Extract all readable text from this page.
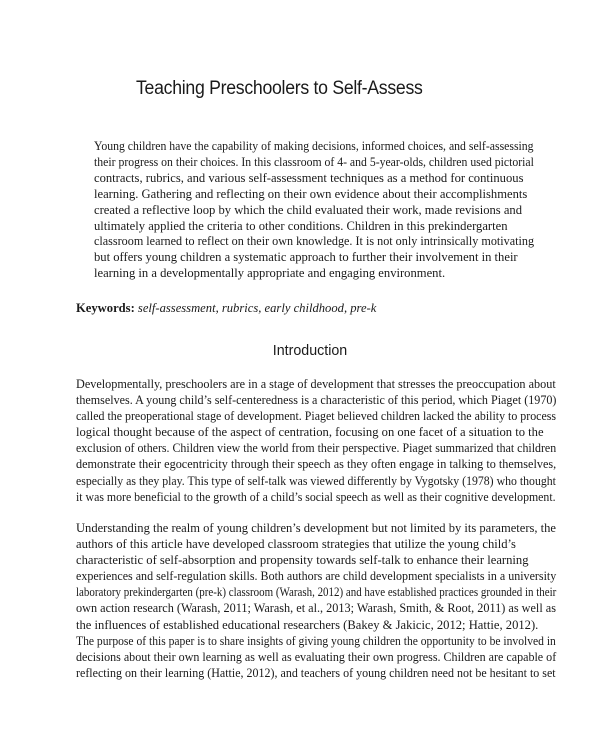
Teaching Preschoolers to Self-Assess
Young children have the capability of making decisions, informed choices, and self-assessing
their progress on their choices. In this classroom of 4- and 5-year-olds, children used pictorial
contracts, rubrics, and various self-assessment techniques as a method for continuous
learning. Gathering and reflecting on their own evidence about their accomplishments
created a reflective loop by which the child evaluated their work, made revisions and
ultimately applied the criteria to other conditions. Children in this prekindergarten
classroom learned to reflect on their own knowledge. It is not only intrinsically motivating
but offers young children a systematic approach to further their involvement in their
learning in a developmentally appropriate and engaging environment.
Keywords: self-assessment, rubrics, early childhood, pre-k
Introduction
Developmentally, preschoolers are in a stage of development that stresses the preoccupation about
themselves. A young child’s self-centeredness is a characteristic of this period, which Piaget (1970)
called the preoperational stage of development. Piaget believed children lacked the ability to process
logical thought because of the aspect of centration, focusing on one facet of a situation to the
exclusion of others. Children view the world from their perspective. Piaget summarized that children
demonstrate their egocentricity through their speech as they often engage in talking to themselves,
especially as they play. This type of self-talk was viewed differently by Vygotsky (1978) who thought
it was more beneficial to the growth of a child’s social speech as well as their cognitive development.
Understanding the realm of young children’s development but not limited by its parameters, the
authors of this article have developed classroom strategies that utilize the young child’s
characteristic of self-absorption and propensity towards self-talk to enhance their learning
experiences and self-regulation skills. Both authors are child development specialists in a university
laboratory prekindergarten (pre-k) classroom (Warash, 2012) and have established practices grounded in their
own action research (Warash, 2011; Warash, et al., 2013; Warash, Smith, & Root, 2011) as well as
the influences of established educational researchers (Bakey & Jakicic, 2012; Hattie, 2012).
The purpose of this paper is to share insights of giving young children the opportunity to be involved in
decisions about their own learning as well as evaluating their own progress. Children are capable of
reflecting on their learning (Hattie, 2012), and teachers of young children need not be hesitant to set
